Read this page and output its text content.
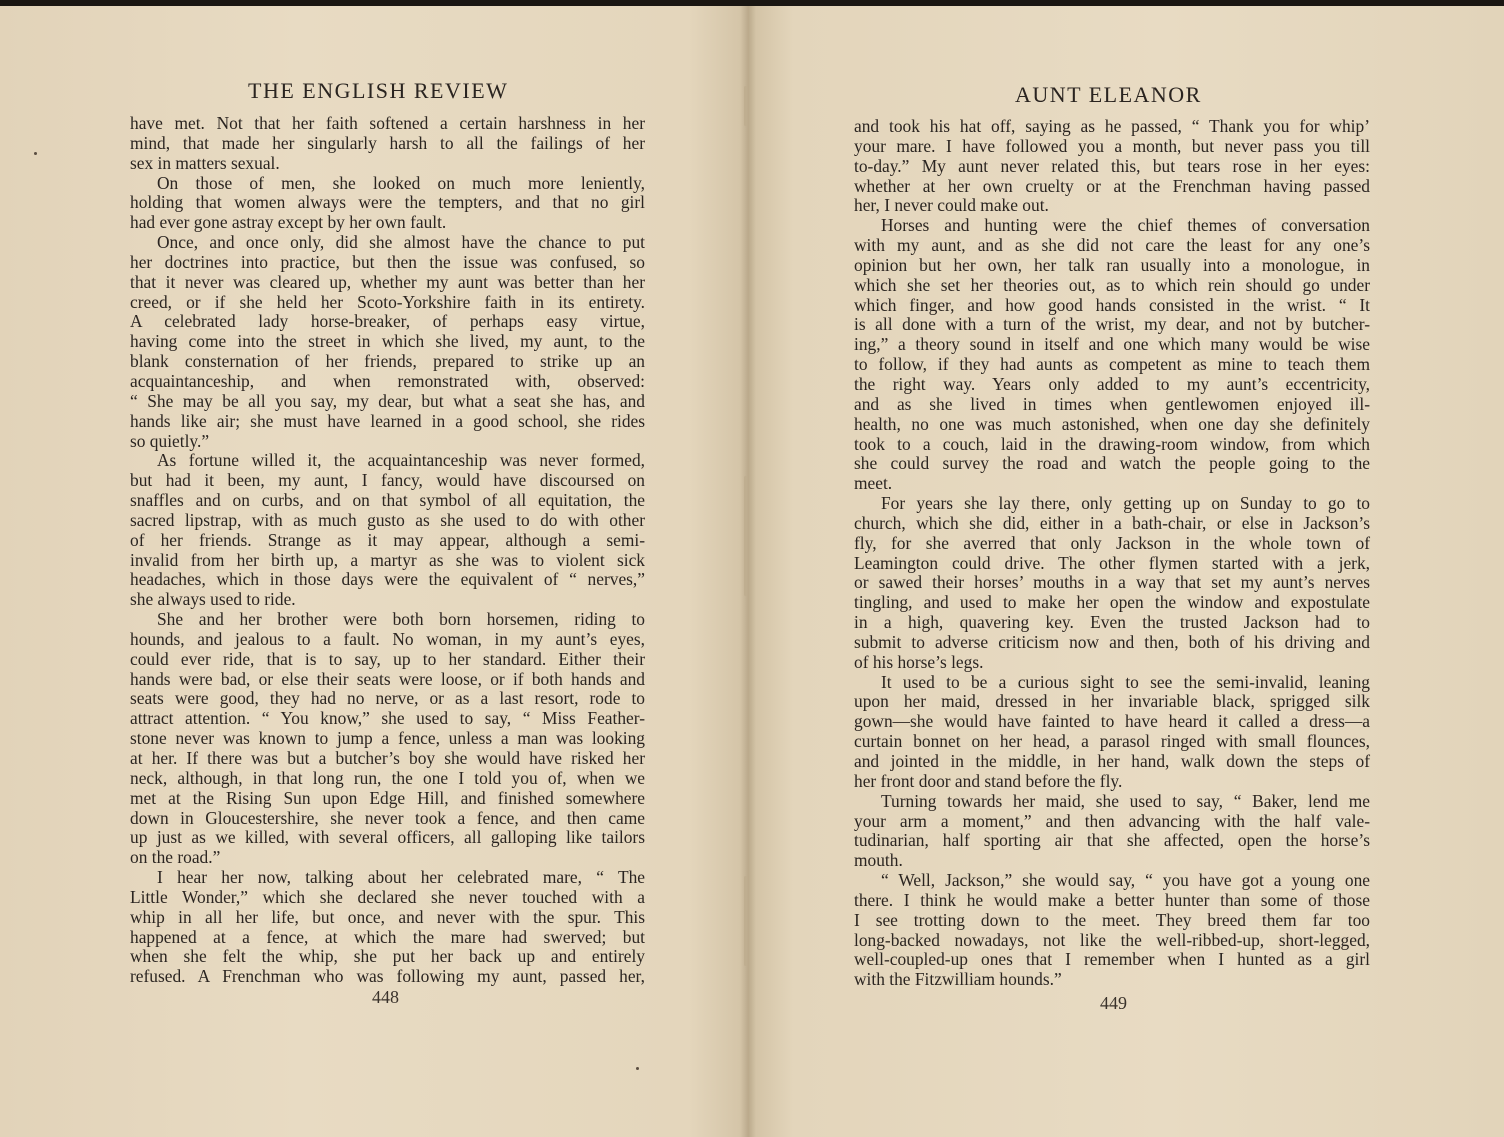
THE ENGLISH REVIEW
have met. Not that her faith softened a certain harshness in her
mind, that made her singularly harsh to all the failings of her
sex in matters sexual.
On those of men, she looked on much more leniently,
holding that women always were the tempters, and that no girl
had ever gone astray except by her own fault.
Once, and once only, did she almost have the chance to put
her doctrines into practice, but then the issue was confused, so
that it never was cleared up, whether my aunt was better than her
creed, or if she held her Scoto-Yorkshire faith in its entirety.
A celebrated lady horse-breaker, of perhaps easy virtue,
having come into the street in which she lived, my aunt, to the
blank consternation of her friends, prepared to strike up an
acquaintanceship, and when remonstrated with, observed:
“ She may be all you say, my dear, but what a seat she has, and
hands like air; she must have learned in a good school, she rides
so quietly.”
As fortune willed it, the acquaintanceship was never formed,
but had it been, my aunt, I fancy, would have discoursed on
snaffles and on curbs, and on that symbol of all equitation, the
sacred lipstrap, with as much gusto as she used to do with other
of her friends. Strange as it may appear, although a semi-
invalid from her birth up, a martyr as she was to violent sick
headaches, which in those days were the equivalent of “ nerves,”
she always used to ride.
She and her brother were both born horsemen, riding to
hounds, and jealous to a fault. No woman, in my aunt’s eyes,
could ever ride, that is to say, up to her standard. Either their
hands were bad, or else their seats were loose, or if both hands and
seats were good, they had no nerve, or as a last resort, rode to
attract attention. “ You know,” she used to say, “ Miss Feather-
stone never was known to jump a fence, unless a man was looking
at her. If there was but a butcher’s boy she would have risked her
neck, although, in that long run, the one I told you of, when we
met at the Rising Sun upon Edge Hill, and finished somewhere
down in Gloucestershire, she never took a fence, and then came
up just as we killed, with several officers, all galloping like tailors
on the road.”
I hear her now, talking about her celebrated mare, “ The
Little Wonder,” which she declared she never touched with a
whip in all her life, but once, and never with the spur. This
happened at a fence, at which the mare had swerved; but
when she felt the whip, she put her back up and entirely
refused. A Frenchman who was following my aunt, passed her,

448

AUNT ELEANOR
and took his hat off, saying as he passed, “ Thank you for whip’
your mare. I have followed you a month, but never pass you till
to-day.” My aunt never related this, but tears rose in her eyes:
whether at her own cruelty or at the Frenchman having passed
her, I never could make out.
Horses and hunting were the chief themes of conversation
with my aunt, and as she did not care the least for any one’s
opinion but her own, her talk ran usually into a monologue, in
which she set her theories out, as to which rein should go under
which finger, and how good hands consisted in the wrist. “ It
is all done with a turn of the wrist, my dear, and not by butcher-
ing,” a theory sound in itself and one which many would be wise
to follow, if they had aunts as competent as mine to teach them
the right way. Years only added to my aunt’s eccentricity,
and as she lived in times when gentlewomen enjoyed ill-
health, no one was much astonished, when one day she definitely
took to a couch, laid in the drawing-room window, from which
she could survey the road and watch the people going to the
meet.
For years she lay there, only getting up on Sunday to go to
church, which she did, either in a bath-chair, or else in Jackson’s
fly, for she averred that only Jackson in the whole town of
Leamington could drive. The other flymen started with a jerk,
or sawed their horses’ mouths in a way that set my aunt’s nerves
tingling, and used to make her open the window and expostulate
in a high, quavering key. Even the trusted Jackson had to
submit to adverse criticism now and then, both of his driving and
of his horse’s legs.
It used to be a curious sight to see the semi-invalid, leaning
upon her maid, dressed in her invariable black, sprigged silk
gown—she would have fainted to have heard it called a dress—a
curtain bonnet on her head, a parasol ringed with small flounces,
and jointed in the middle, in her hand, walk down the steps of
her front door and stand before the fly.
Turning towards her maid, she used to say, “ Baker, lend me
your arm a moment,” and then advancing with the half vale-
tudinarian, half sporting air that she affected, open the horse’s
mouth.
“ Well, Jackson,” she would say, “ you have got a young one
there. I think he would make a better hunter than some of those
I see trotting down to the meet. They breed them far too
long-backed nowadays, not like the well-ribbed-up, short-legged,
well-coupled-up ones that I remember when I hunted as a girl
with the Fitzwilliam hounds.”

449
